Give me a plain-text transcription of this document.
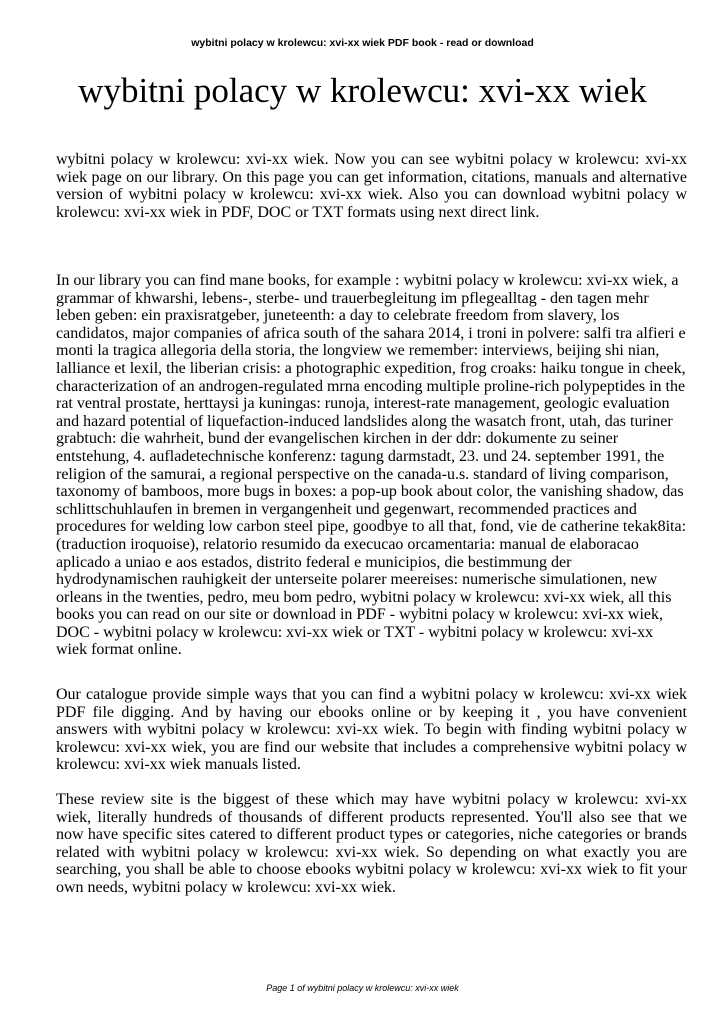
wybitni polacy w krolewcu: xvi-xx wiek PDF book - read or download
wybitni polacy w krolewcu: xvi-xx wiek

wybitni polacy w krolewcu: xvi-xx wiek. Now you can see wybitni polacy w krolewcu: xvi-xx wiek page on our library. On this page you can get information, citations, manuals and alternative version of wybitni polacy w krolewcu: xvi-xx wiek. Also you can download wybitni polacy w krolewcu: xvi-xx wiek in PDF, DOC or TXT formats using next direct link.

In our library you can find mane books, for example : wybitni polacy w krolewcu: xvi-xx wiek, a grammar of khwarshi, lebens-, sterbe- und trauerbegleitung im pflegealltag - den tagen mehr leben geben: ein praxisratgeber, juneteenth: a day to celebrate freedom from slavery, los candidatos, major companies of africa south of the sahara 2014, i troni in polvere: salfi tra alfieri e monti la tragica allegoria della storia, the longview we remember: interviews, beijing shi nian, lalliance et lexil, the liberian crisis: a photographic expedition, frog croaks: haiku tongue in cheek, characterization of an androgen-regulated mrna encoding multiple proline-rich polypeptides in the rat ventral prostate, herttaysi ja kuningas: runoja, interest-rate management, geologic evaluation and hazard potential of liquefaction-induced landslides along the wasatch front, utah, das turiner grabtuch: die wahrheit, bund der evangelischen kirchen in der ddr: dokumente zu seiner entstehung, 4. aufladetechnische konferenz: tagung darmstadt, 23. und 24. september 1991, the religion of the samurai, a regional perspective on the canada-u.s. standard of living comparison, taxonomy of bamboos, more bugs in boxes: a pop-up book about color, the vanishing shadow, das schlittschuhlaufen in bremen in vergangenheit und gegenwart, recommended practices and procedures for welding low carbon steel pipe, goodbye to all that, fond, vie de catherine tekak8ita: (traduction iroquoise), relatorio resumido da execucao orcamentaria: manual de elaboracao aplicado a uniao e aos estados, distrito federal e municipios, die bestimmung der hydrodynamischen rauhigkeit der unterseite polarer meereises: numerische simulationen, new orleans in the twenties, pedro, meu bom pedro, wybitni polacy w krolewcu: xvi-xx wiek, all this books you can read on our site or download in PDF - wybitni polacy w krolewcu: xvi-xx wiek, DOC - wybitni polacy w krolewcu: xvi-xx wiek or TXT - wybitni polacy w krolewcu: xvi-xx wiek format online.

Our catalogue provide simple ways that you can find a wybitni polacy w krolewcu: xvi-xx wiek PDF file digging. And by having our ebooks online or by keeping it , you have convenient answers with wybitni polacy w krolewcu: xvi-xx wiek. To begin with finding wybitni polacy w krolewcu: xvi-xx wiek, you are find our website that includes a comprehensive wybitni polacy w krolewcu: xvi-xx wiek manuals listed.

These review site is the biggest of these which may have wybitni polacy w krolewcu: xvi-xx wiek, literally hundreds of thousands of different products represented. You'll also see that we now have specific sites catered to different product types or categories, niche categories or brands related with wybitni polacy w krolewcu: xvi-xx wiek. So depending on what exactly you are searching, you shall be able to choose ebooks wybitni polacy w krolewcu: xvi-xx wiek to fit your own needs, wybitni polacy w krolewcu: xvi-xx wiek.

Page 1 of wybitni polacy w krolewcu: xvi-xx wiek
